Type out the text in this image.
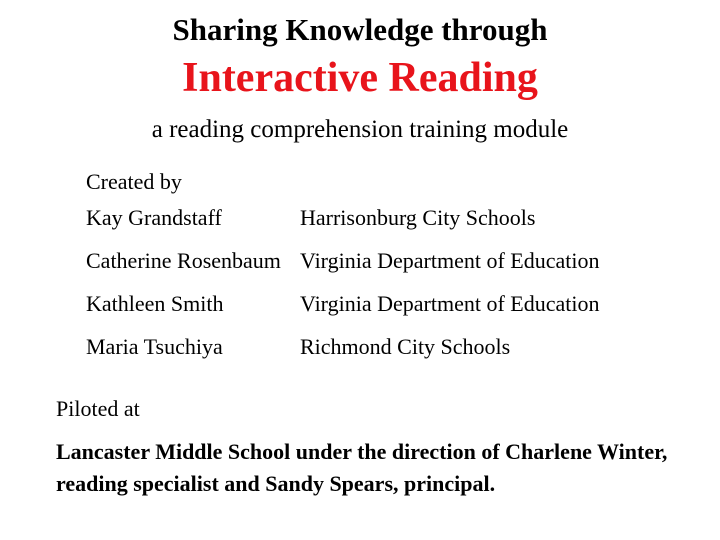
Sharing Knowledge through
Interactive Reading
a reading comprehension training module
Created by
Kay Grandstaff	Harrisonburg City Schools
Catherine Rosenbaum Virginia Department of Education
Kathleen Smith	Virginia Department of Education
Maria Tsuchiya	Richmond City Schools
Piloted at
Lancaster Middle School under the direction of Charlene Winter, reading specialist and Sandy Spears, principal.
